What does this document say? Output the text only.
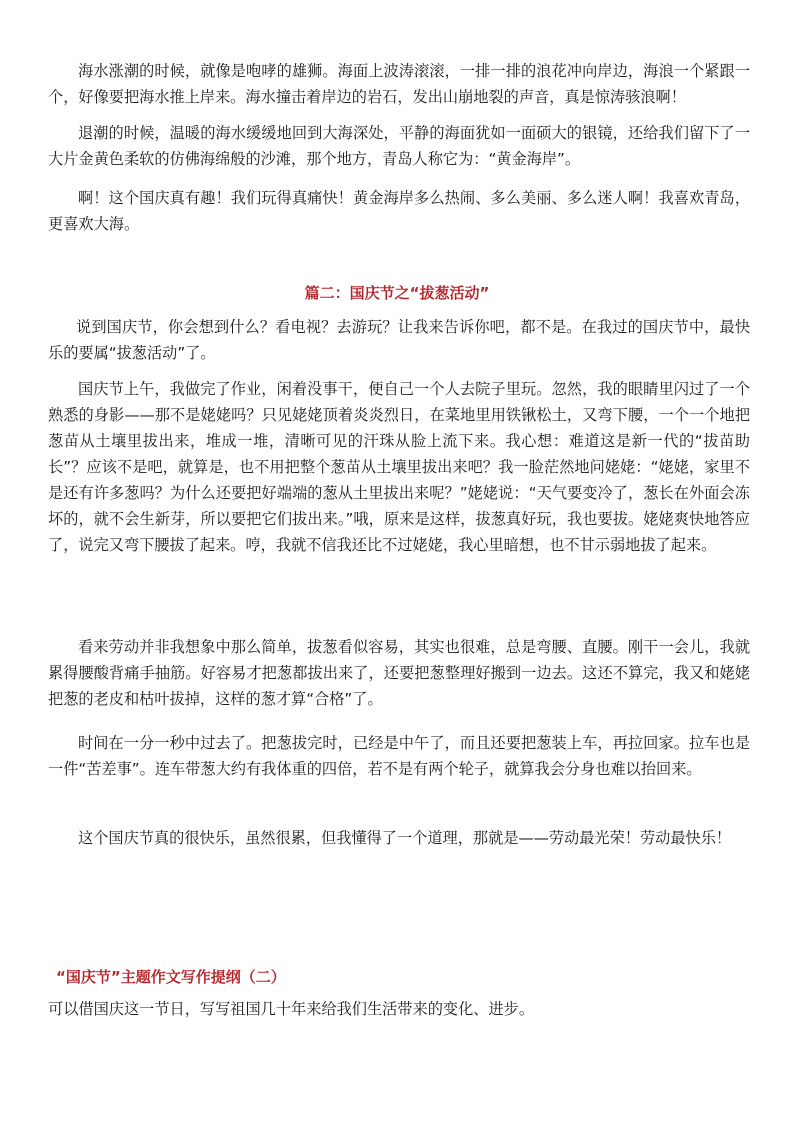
海水涨潮的时候，就像是咆哮的雄狮。海面上波涛滚滚，一排一排的浪花冲向岸边，海浪一个紧跟一个，好像要把海水推上岸来。海水撞击着岸边的岩石，发出山崩地裂的声音，真是惊涛骇浪啊！

退潮的时候，温暖的海水缓缓地回到大海深处，平静的海面犹如一面硕大的银镜，还给我们留下了一大片金黄色柔软的仿佛海绵般的沙滩，那个地方，青岛人称它为：“黄金海岸”。

啊！这个国庆真有趣！我们玩得真痛快！黄金海岸多么热闹、多么美丽、多么迷人啊！我喜欢青岛，更喜欢大海。

篇二：国庆节之“拔葱活动”

说到国庆节，你会想到什么？看电视？去游玩？让我来告诉你吧，都不是。在我过的国庆节中，最快乐的要属“拔葱活动”了。

国庆节上午，我做完了作业，闲着没事干，便自己一个人去院子里玩。忽然，我的眼睛里闪过了一个熟悉的身影——那不是姥姥吗？只见姥姥顶着炎炎烈日，在菜地里用铁锹松土，又弯下腰，一个一个地把葱苗从土壤里拔出来，堆成一堆，清晰可见的汗珠从脸上流下来。我心想：难道这是新一代的“拔苗助长”？应该不是吧，就算是，也不用把整个葱苗从土壤里拔出来吧？我一脸茫然地问姥姥：“姥姥，家里不是还有许多葱吗？为什么还要把好端端的葱从土里拔出来呢？”姥姥说：“天气要变冷了，葱长在外面会冻坏的，就不会生新芽，所以要把它们拔出来。”哦，原来是这样，拔葱真好玩，我也要拔。姥姥爽快地答应了，说完又弯下腰拔了起来。哼，我就不信我还比不过姥姥，我心里暗想，也不甘示弱地拔了起来。

看来劳动并非我想象中那么简单，拔葱看似容易，其实也很难，总是弯腰、直腰。刚干一会儿，我就累得腰酸背痛手抽筋。好容易才把葱都拔出来了，还要把葱整理好搬到一边去。这还不算完，我又和姥姥把葱的老皮和枯叶拔掉，这样的葱才算“合格”了。

时间在一分一秒中过去了。把葱拔完时，已经是中午了，而且还要把葱装上车，再拉回家。拉车也是一件“苦差事”。连车带葱大约有我体重的四倍，若不是有两个轮子，就算我会分身也难以抬回来。

这个国庆节真的很快乐，虽然很累，但我懂得了一个道理，那就是——劳动最光荣！劳动最快乐！

“国庆节”主题作文写作提纲（二）

可以借国庆这一节日，写写祖国几十年来给我们生活带来的变化、进步。
